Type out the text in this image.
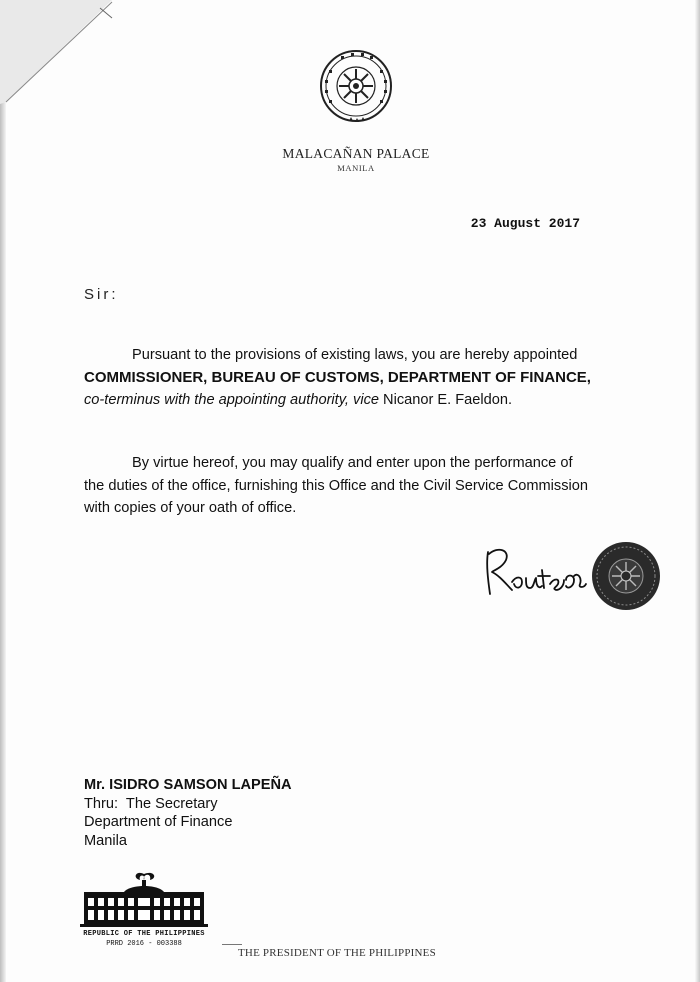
MALACAÑAN PALACE
MANILA
23 August 2017
Sir:
Pursuant to the provisions of existing laws, you are hereby appointed
COMMISSIONER, BUREAU OF CUSTOMS, DEPARTMENT OF FINANCE,
co-terminus with the appointing authority, vice Nicanor E. Faeldon.
By virtue hereof, you may qualify and enter upon the performance of the duties of the office, furnishing this Office and the Civil Service Commission with copies of your oath of office.
Mr. ISIDRO SAMSON LAPEÑA
Thru:  The Secretary
Department of Finance
Manila
REPUBLIC OF THE PHILIPPINES
PRRD 2016 - 003388
THE PRESIDENT OF THE PHILIPPINES
